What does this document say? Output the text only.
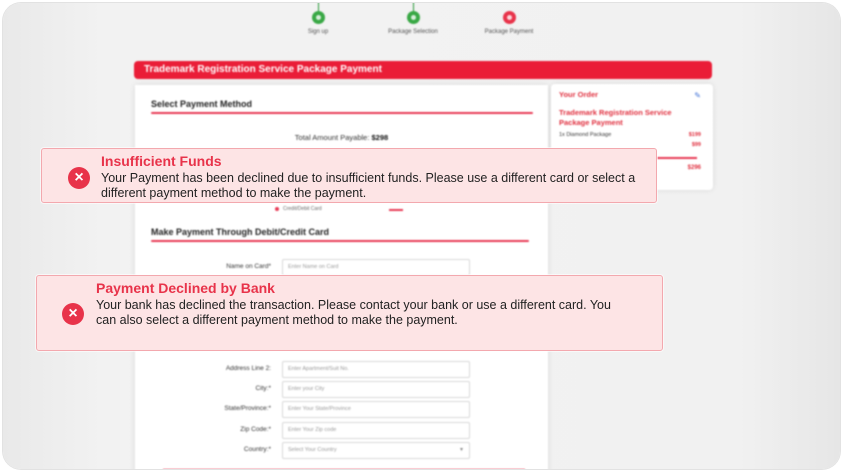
Sign up	Package Selection	Package Payment
Trademark Registration Service Package Payment
Select Payment Method
Total Amount Payable: $298
Credit/Debit Card
Make Payment Through Debit/Credit Card
Name on Card*	Enter Name on Card
Address Line 2:	Enter Apartment/Suit No.
City:*	Enter your City
State/Province:*	Enter Your State/Province
Zip Code:*	Enter Your Zip code
Country:*	Select Your Country ▾
Your Order	✎
Trademark Registration Service Package Payment
1x Diamond Package	$199
$99
$296
×
Insufficient Funds
Your Payment has been declined due to insufficient funds. Please use a different card or select a different payment method to make the payment.
×
Payment Declined by Bank
Your bank has declined the transaction. Please contact your bank or use a different card. You can also select a different payment method to make the payment.
